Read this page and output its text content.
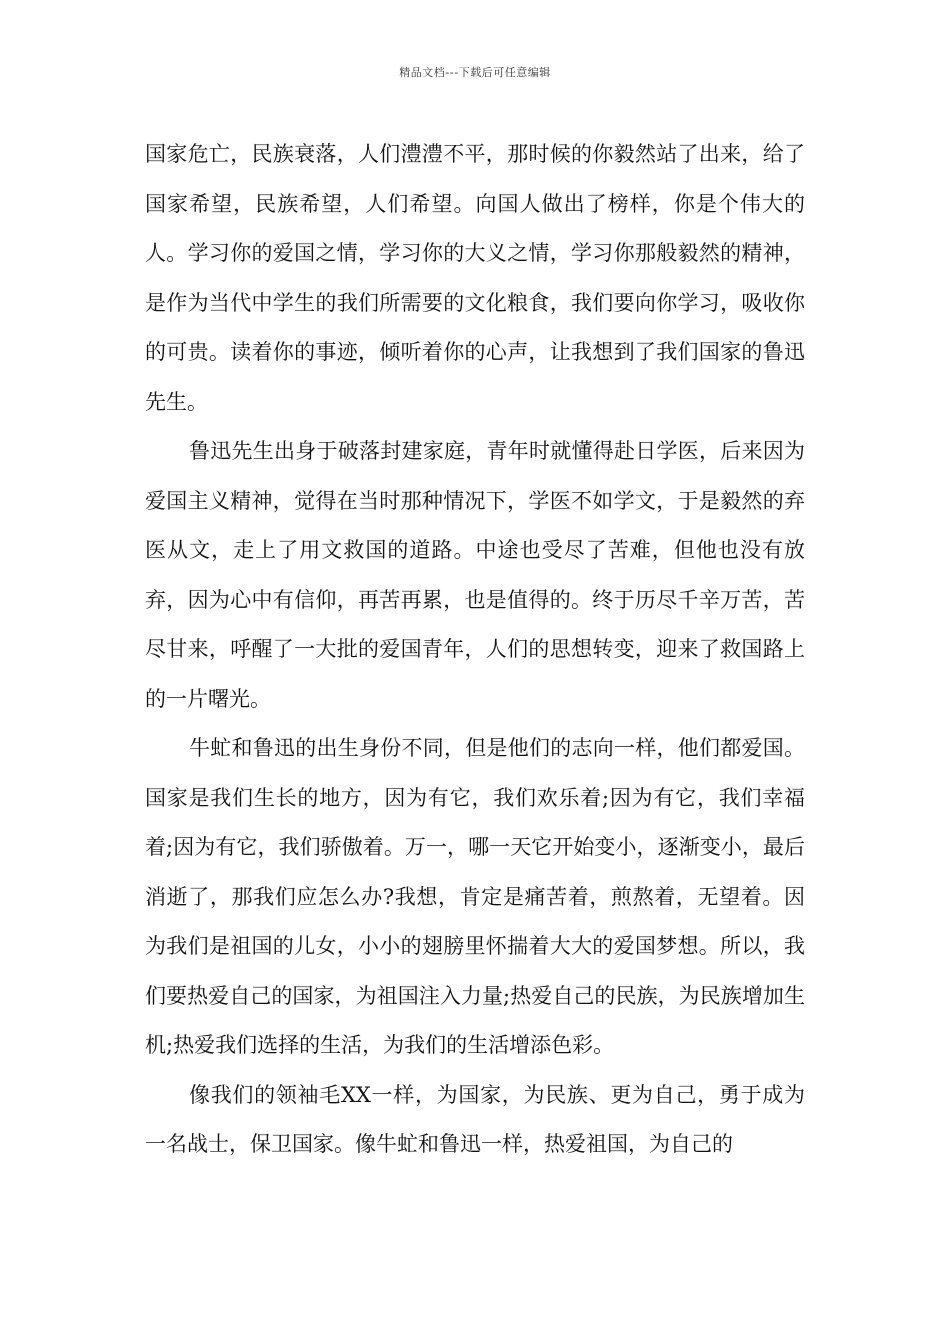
精品文档---下载后可任意编辑

国家危亡，民族衰落，人们澧澧不平，那时候的你毅然站了出来，给了国家希望，民族希望，人们希望。向国人做出了榜样，你是个伟大的人。学习你的爱国之情，学习你的大义之情，学习你那般毅然的精神，是作为当代中学生的我们所需要的文化粮食，我们要向你学习，吸收你的可贵。读着你的事迹，倾听着你的心声，让我想到了我们国家的鲁迅先生。

鲁迅先生出身于破落封建家庭，青年时就懂得赴日学医，后来因为爱国主义精神，觉得在当时那种情况下，学医不如学文，于是毅然的弃医从文，走上了用文救国的道路。中途也受尽了苦难，但他也没有放弃，因为心中有信仰，再苦再累，也是值得的。终于历尽千辛万苦，苦尽甘来，呼醒了一大批的爱国青年，人们的思想转变，迎来了救国路上的一片曙光。

牛虻和鲁迅的出生身份不同，但是他们的志向一样，他们都爱国。国家是我们生长的地方，因为有它，我们欢乐着;因为有它，我们幸福着;因为有它，我们骄傲着。万一，哪一天它开始变小，逐渐变小，最后消逝了，那我们应怎么办?我想，肯定是痛苦着，煎熬着，无望着。因为我们是祖国的儿女，小小的翅膀里怀揣着大大的爱国梦想。所以，我们要热爱自己的国家，为祖国注入力量;热爱自己的民族，为民族增加生机;热爱我们选择的生活，为我们的生活增添色彩。

像我们的领袖毛XX一样，为国家，为民族、更为自己，勇于成为一名战士，保卫国家。像牛虻和鲁迅一样，热爱祖国，为自己的
